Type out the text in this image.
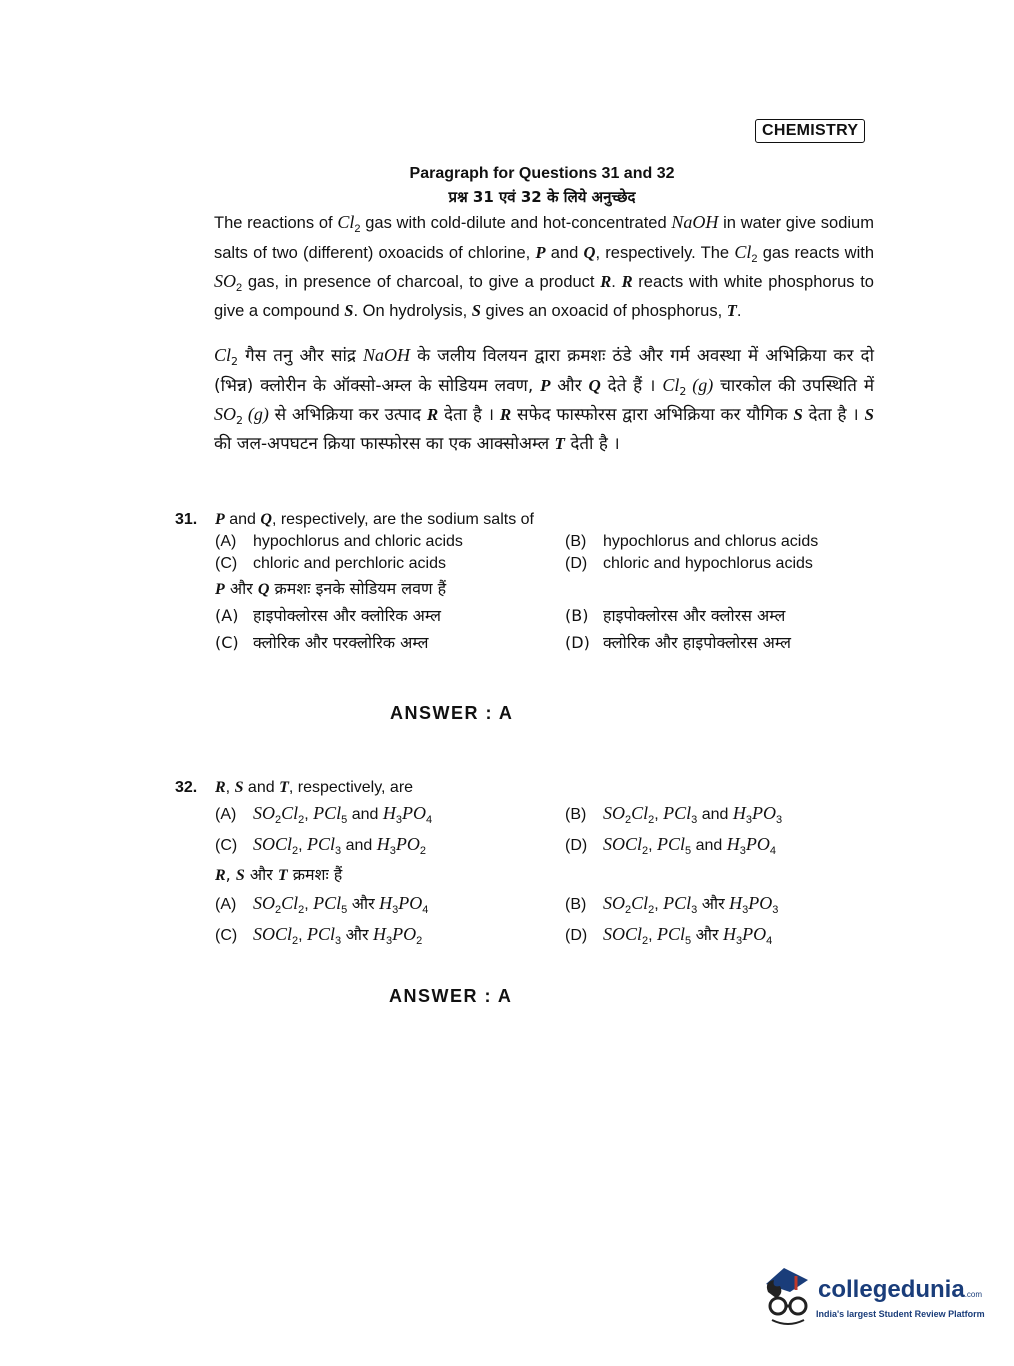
CHEMISTRY
Paragraph for Questions 31 and 32
प्रश्न 31 एवं 32 के लिये अनुच्छेद
The reactions of $Cl_2$ gas with cold-dilute and hot-concentrated NaOH in water give sodium salts of two (different) oxoacids of chlorine, P and Q, respectively. The $Cl_2$ gas reacts with $SO_2$ gas, in presence of charcoal, to give a product R. R reacts with white phosphorus to give a compound S. On hydrolysis, S gives an oxoacid of phosphorus, T.
$Cl_2$ गैस तनु और सांद्र NaOH के जलीय विलयन द्वारा क्रमशः ठंडे और गर्म अवस्था में अभिक्रिया कर दो (भिन्न) क्लोरीन के ऑक्सो-अम्ल के सोडियम लवण, P और Q देते हैं । $Cl_2$ (g) चारकोल की उपस्थिति में $SO_2$ (g) से अभिक्रिया कर उत्पाद R देता है । R सफेद फास्फोरस द्वारा अभिक्रिया कर यौगिक S देता है । S की जल-अपघटन क्रिया फास्फोरस का एक आक्सोअम्ल T देती है ।
31. P and Q, respectively, are the sodium salts of
(A) hypochlorus and chloric acids	(B) hypochlorus and chlorus acids
(C) chloric and perchloric acids	(D) chloric and hypochlorus acids
P और Q क्रमशः इनके सोडियम लवण हैं
(A) हाइपोक्लोरस और क्लोरिक अम्ल	(B) हाइपोक्लोरस और क्लोरस अम्ल
(C) क्लोरिक और परक्लोरिक अम्ल	(D) क्लोरिक और हाइपोक्लोरस अम्ल
ANSWER : A
32. R, S and T, respectively, are
(A) $SO_2Cl_2$, PCl$_5$ and $H_3PO_4$	(B) $SO_2Cl_2$, PCl$_3$ and $H_3PO_3$
(C) SOCl$_2$, PCl$_3$ and $H_3PO_2$	(D) SOCl$_2$, PCl$_5$ and $H_3PO_4$
R, S और T क्रमशः हैं
(A) $SO_2Cl_2$, PCl$_5$ और $H_3PO_4$	(B) $SO_2Cl_2$, PCl$_3$ और $H_3PO_3$
(C) SOCl$_2$, PCl$_3$ और $H_3PO_2$	(D) SOCl$_2$, PCl$_5$ और $H_3PO_4$
ANSWER : A
collegedunia.com
India's largest Student Review Platform
